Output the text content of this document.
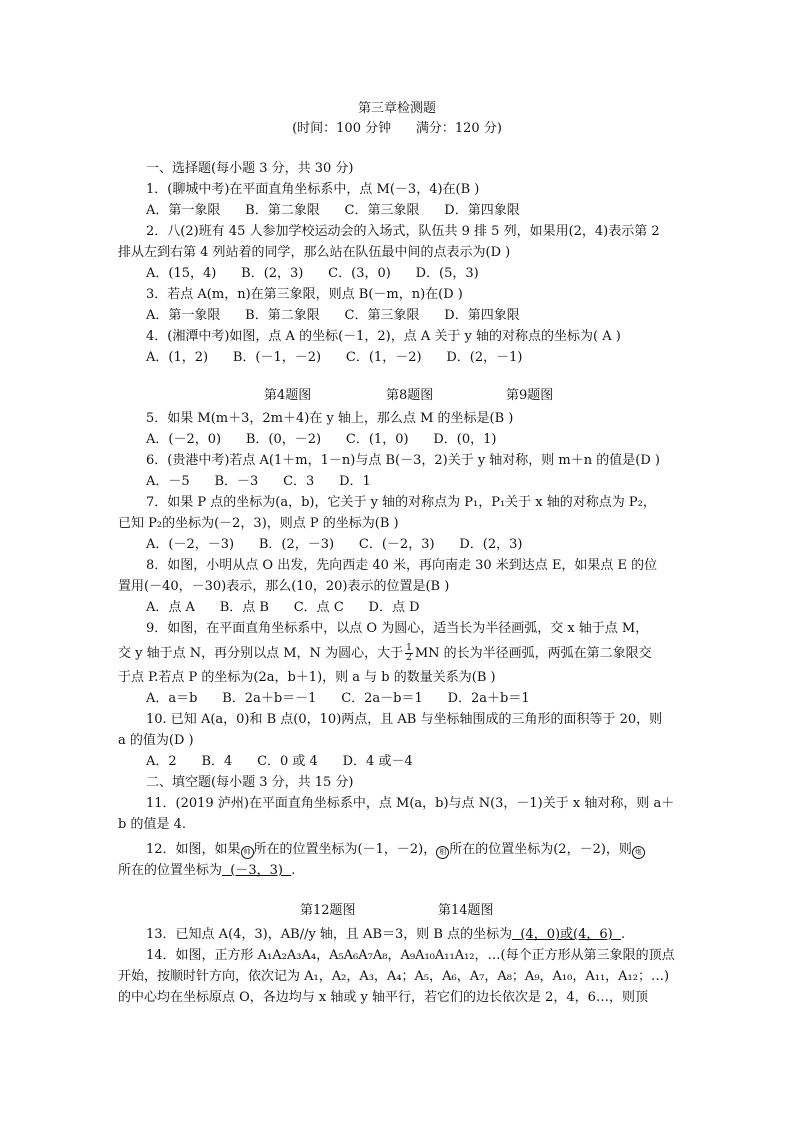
第三章检测题
(时间：100 分钟      满分：120 分)
一、选择题(每小题 3 分，共 30 分)
1．(聊城中考)在平面直角坐标系中，点 M(－3，4)在(B )
A．第一象限      B．第二象限      C．第三象限      D．第四象限
2．八(2)班有 45 人参加学校运动会的入场式，队伍共 9 排 5 列，如果用(2，4)表示第 2
排从左到右第 4 列站着的同学，那么站在队伍最中间的点表示为(D )
A．(15，4)      B．(2，3)      C．(3，0)      D．(5，3)
3．若点 A(m，n)在第三象限，则点 B(－m，n)在(D )
A．第一象限      B．第二象限      C．第三象限      D．第四象限
4．(湘潭中考)如图，点 A 的坐标(－1，2)，点 A 关于 y 轴的对称点的坐标为( A )
A．(1，2)      B．(－1，－2)      C．(1，－2)      D．(2，－1)
第4题图	第8题图	第9题图
5．如果 M(m＋3，2m＋4)在 y 轴上，那么点 M 的坐标是(B )
A．(－2，0)      B．(0，－2)      C．(1，0)      D．(0，1)
6．(贵港中考)若点 A(1＋m，1－n)与点 B(－3，2)关于 y 轴对称，则 m＋n 的值是(D )
A．－5      B．－3      C．3      D．1
7．如果 P 点的坐标为(a，b)，它关于 y 轴的对称点为 P₁，P₁关于 x 轴的对称点为 P₂，
已知 P₂的坐标为(－2，3)，则点 P 的坐标为(B )
A．(－2，－3)      B．(2，－3)      C．(－2，3)      D．(2，3)
8．如图，小明从点 O 出发，先向西走 40 米，再向南走 30 米到达点 E，如果点 E 的位
置用(－40，－30)表示，那么(10，20)表示的位置是(B )
A．点 A      B．点 B      C．点 C      D．点 D
9．如图，在平面直角坐标系中，以点 O 为圆心，适当长为半径画弧，交 x 轴于点 M，
交 y 轴于点 N，再分别以点 M，N 为圆心，大于 $\frac{1}{2}$ MN 的长为半径画弧，两弧在第二象限交
于点 P.若点 P 的坐标为(2a，b＋1)，则 a 与 b 的数量关系为(B )
A．a＝b      B．2a＋b＝－1      C．2a－b＝1      D．2a＋b＝1
10. 已知 A(a，0)和 B 点(0，10)两点，且 AB 与坐标轴围成的三角形的面积等于 20，则
a 的值为(D )
A．2      B．4      C．0 或 4      D．4 或－4
二、填空题(每小题 3 分，共 15 分)
11．(2019 泸州)在平面直角坐标系中，点 M(a，b)与点 N(3，－1)关于 x 轴对称，则 a＋
b 的值是 4.
12．如图，如果 帅 所在的位置坐标为(－1，－2)， 相 所在的位置坐标为(2，－2)，则 炮
所在的位置坐标为 (－3，3) .
第12题图	第14题图
13．已知点 A(4，3)，AB//y 轴，且 AB＝3，则 B 点的坐标为 (4，0)或(4，6) .
14．如图，正方形 A₁A₂A₃A₄，A₅A₆A₇A₈，A₉A₁₀A₁₁A₁₂，…(每个正方形从第三象限的顶点
开始，按顺时针方向，依次记为 A₁，A₂，A₃，A₄；A₅，A₆，A₇，A₈；A₉，A₁₀，A₁₁，A₁₂；…)
的中心均在坐标原点 O，各边均与 x 轴或 y 轴平行，若它们的边长依次是 2，4，6…，则顶
